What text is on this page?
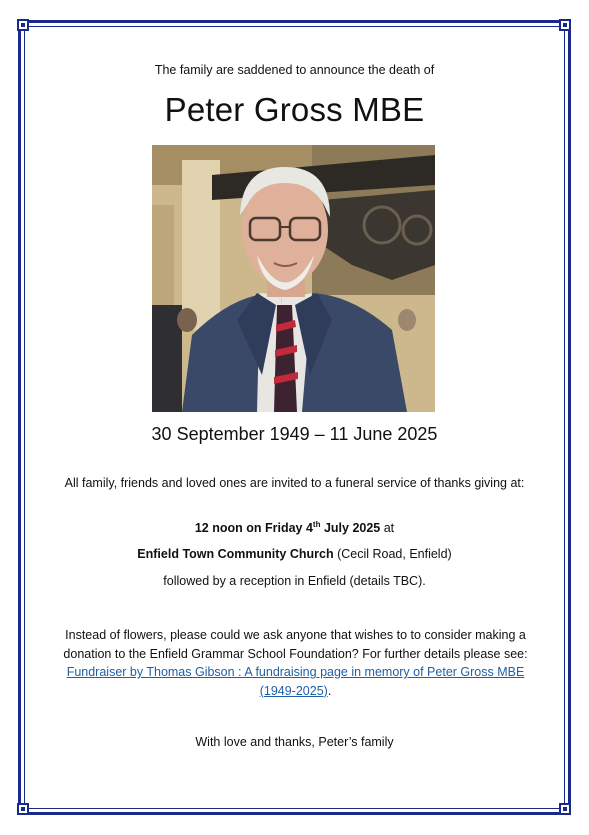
The family are saddened to announce the death of
Peter Gross MBE
30 September 1949 – 11 June 2025
All family, friends and loved ones are invited to a funeral service of thanks giving at:
12 noon on Friday 4th July 2025 at
Enfield Town Community Church (Cecil Road, Enfield)
followed by a reception in Enfield (details TBC).
Instead of flowers, please could we ask anyone that wishes to to consider making a donation to the Enfield Grammar School Foundation? For further details please see: Fundraiser by Thomas Gibson : A fundraising page in memory of Peter Gross MBE (1949-2025).
With love and thanks, Peter’s family
